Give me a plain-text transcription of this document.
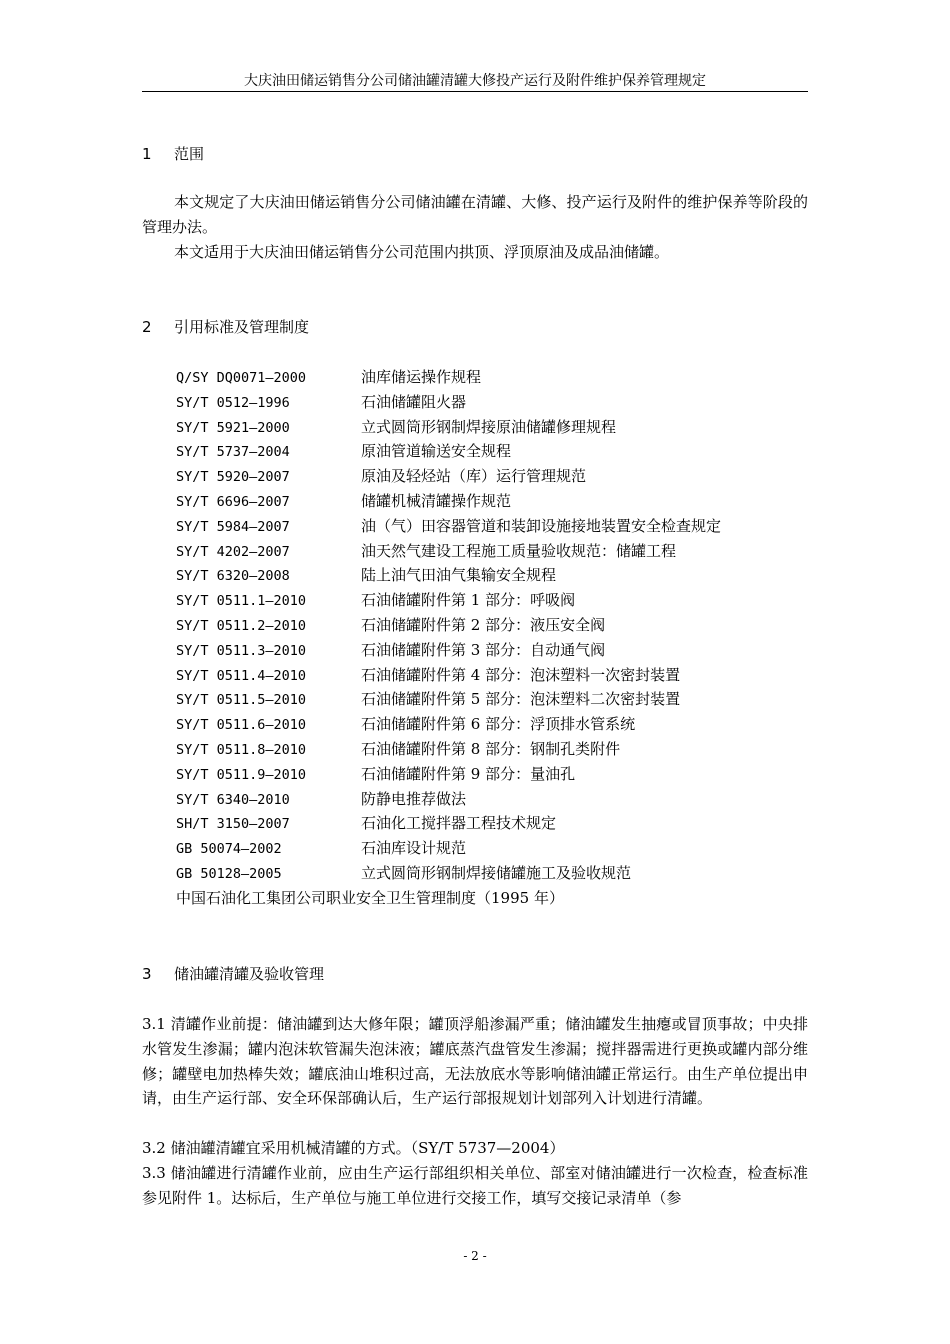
大庆油田储运销售分公司储油罐清罐大修投产运行及附件维护保养管理规定
1 范围
本文规定了大庆油田储运销售分公司储油罐在清罐、大修、投产运行及附件的维护保养等阶段的管理办法。
本文适用于大庆油田储运销售分公司范围内拱顶、浮顶原油及成品油储罐。
2 引用标准及管理制度
Q/SY DQ0071—2000	油库储运操作规程
SY/T 0512—1996	石油储罐阻火器
SY/T 5921—2000	立式圆筒形钢制焊接原油储罐修理规程
SY/T 5737—2004	原油管道输送安全规程
SY/T 5920—2007	原油及轻烃站（库）运行管理规范
SY/T 6696—2007	储罐机械清罐操作规范
SY/T 5984—2007	油（气）田容器管道和装卸设施接地装置安全检查规定
SY/T 4202—2007	油天然气建设工程施工质量验收规范：储罐工程
SY/T 6320—2008	陆上油气田油气集输安全规程
SY/T 0511.1—2010	石油储罐附件第 1 部分：呼吸阀
SY/T 0511.2—2010	石油储罐附件第 2 部分：液压安全阀
SY/T 0511.3—2010	石油储罐附件第 3 部分：自动通气阀
SY/T 0511.4—2010	石油储罐附件第 4 部分：泡沫塑料一次密封装置
SY/T 0511.5—2010	石油储罐附件第 5 部分：泡沫塑料二次密封装置
SY/T 0511.6—2010	石油储罐附件第 6 部分：浮顶排水管系统
SY/T 0511.8—2010	石油储罐附件第 8 部分：钢制孔类附件
SY/T 0511.9—2010	石油储罐附件第 9 部分：量油孔
SY/T 6340—2010	防静电推荐做法
SH/T 3150—2007	石油化工搅拌器工程技术规定
GB 50074—2002	石油库设计规范
GB 50128—2005	立式圆筒形钢制焊接储罐施工及验收规范
中国石油化工集团公司职业安全卫生管理制度（1995 年）
3 储油罐清罐及验收管理
3.1 清罐作业前提：储油罐到达大修年限；罐顶浮船渗漏严重；储油罐发生抽瘪或冒顶事故；中央排水管发生渗漏；罐内泡沫软管漏失泡沫液；罐底蒸汽盘管发生渗漏；搅拌器需进行更换或罐内部分维修；罐壁电加热棒失效；罐底油山堆积过高，无法放底水等影响储油罐正常运行。由生产单位提出申请，由生产运行部、安全环保部确认后，生产运行部报规划计划部列入计划进行清罐。
3.2 储油罐清罐宜采用机械清罐的方式。（SY/T 5737—2004）
3.3 储油罐进行清罐作业前，应由生产运行部组织相关单位、部室对储油罐进行一次检查，检查标准参见附件 1。达标后，生产单位与施工单位进行交接工作，填写交接记录清单（参
- 2 -
